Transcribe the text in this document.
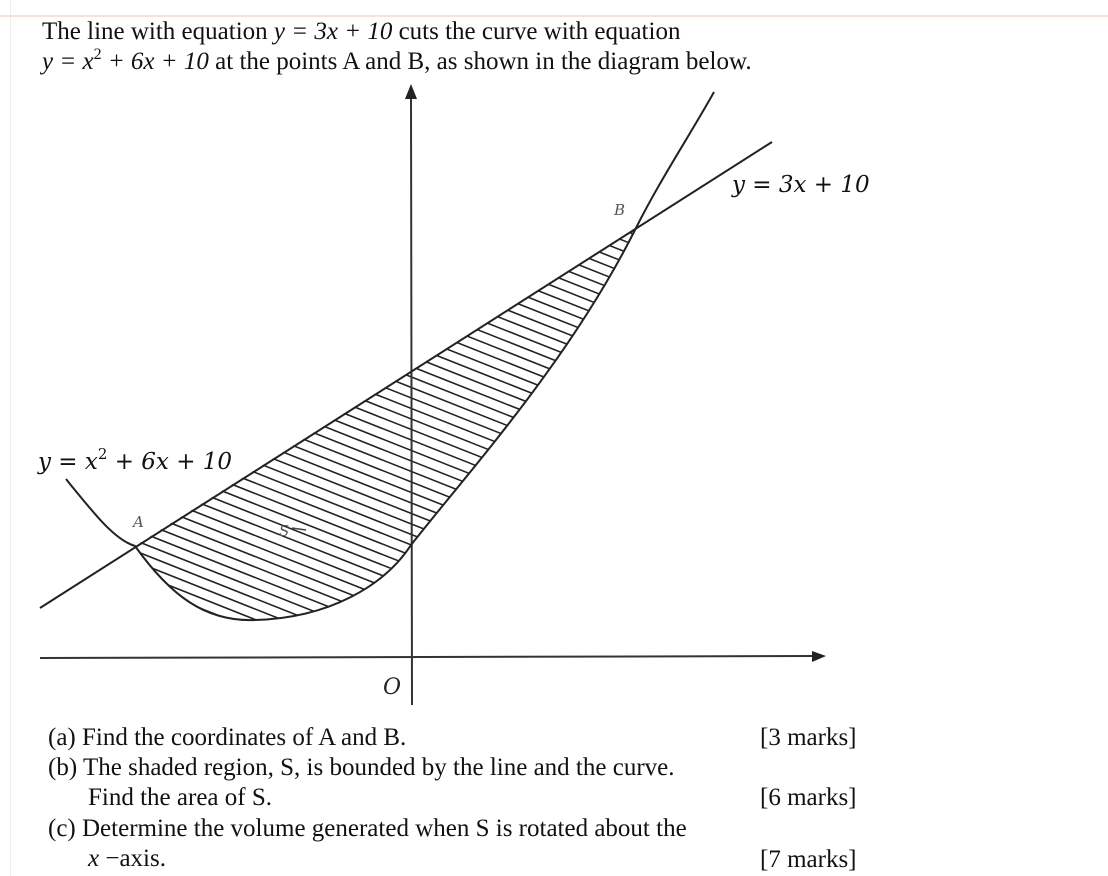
The line with equation y = 3x + 10 cuts the curve with equation
$y = x^2 + 6x + 10$ at the points A and B, as shown in the diagram below.
y = 3x + 10
$y = x^2 + 6x + 10$
A
B
S
O
(a) Find the coordinates of A and B.	[3 marks]
(b) The shaded region, S, is bounded by the line and the curve.
Find the area of S.	[6 marks]
(c) Determine the volume generated when S is rotated about the
x −axis.	[7 marks]
